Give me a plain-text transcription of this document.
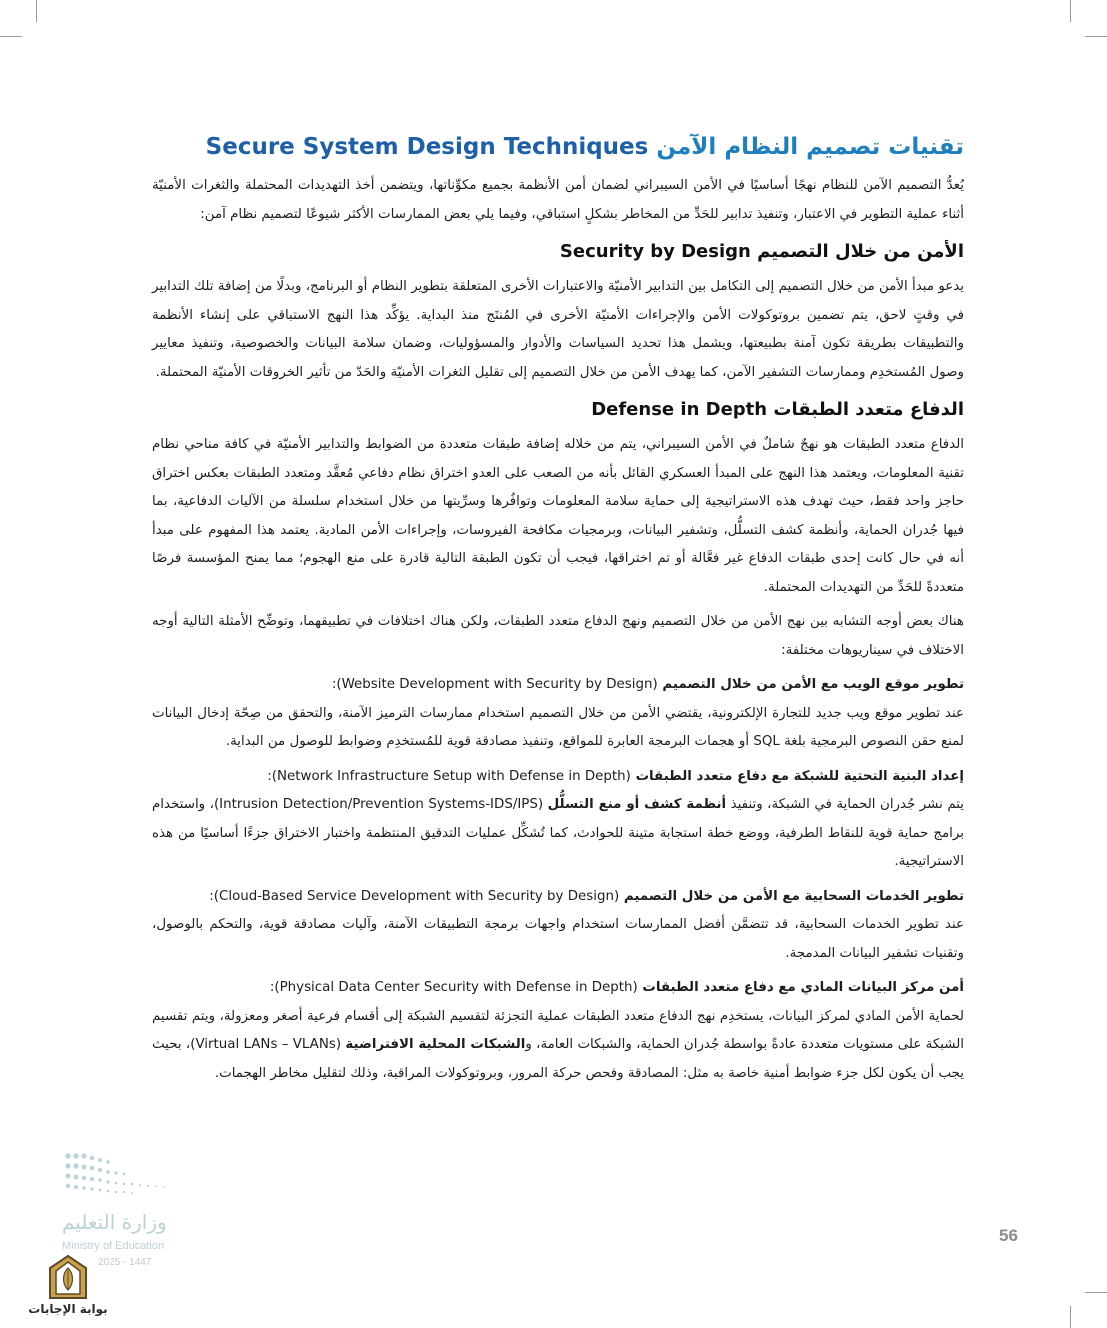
تقنيات تصميم النظام الآمن Secure System Design Techniques

يُعدُّ التصميم الآمن للنظام نهجًا أساسيًا في الأمن السيبراني لضمان أمن الأنظمة بجميع مكوِّناتها، ويتضمن أخذ التهديدات المحتملة والثغرات الأمنيّة أثناء عملية التطوير في الاعتبار، وتنفيذ تدابير للحَدِّ من المخاطر بشكلٍ استباقي، وفيما يلي بعض الممارسات الأكثر شيوعًا لتصميم نظام آمن:

الأمن من خلال التصميم Security by Design

يدعو مبدأ الأمن من خلال التصميم إلى التكامل بين التدابير الأمنيّة والاعتبارات الأخرى المتعلقة بتطوير النظام أو البرنامج، وبدلًا من إضافة تلك التدابير في وقتٍ لاحق، يتم تضمين بروتوكولات الأمن والإجراءات الأمنيّة الأخرى في المُنتَج منذ البداية. يؤكِّد هذا النهج الاستباقي على إنشاء الأنظمة والتطبيقات بطريقة تكون آمنة بطبيعتها، ويشمل هذا تحديد السياسات والأدوار والمسؤوليات، وضمان سلامة البيانات والخصوصية، وتنفيذ معايير وصول المُستخدِم وممارسات التشفير الآمن، كما يهدف الأمن من خلال التصميم إلى تقليل الثغرات الأمنيّة والحَدّ من تأثير الخروقات الأمنيّة المحتملة.

الدفاع متعدد الطبقات Defense in Depth

الدفاع متعدد الطبقات هو نهجٌ شاملٌ في الأمن السيبراني، يتم من خلاله إضافة طبقات متعددة من الضوابط والتدابير الأمنيّة في كافة مناحي نظام تقنية المعلومات، ويعتمد هذا النهج على المبدأ العسكري القائل بأنه من الصعب على العدو اختراق نظام دفاعي مُعقَّد ومتعدد الطبقات بعكس اختراق حاجز واحد فقط، حيث تهدف هذه الاستراتيجية إلى حماية سلامة المعلومات وتوافُرها وسرِّيتها من خلال استخدام سلسلة من الآليات الدفاعية، بما فيها جُدران الحماية، وأنظمة كشف التسلُّل، وتشفير البيانات، وبرمجيات مكافحة الفيروسات، وإجراءات الأمن المادية. يعتمد هذا المفهوم على مبدأ أنه في حال كانت إحدى طبقات الدفاع غير فعَّالة أو تم اختراقها، فيجب أن تكون الطبقة التالية قادرة على منع الهجوم؛ مما يمنح المؤسسة فرصًا متعددةً للحَدِّ من التهديدات المحتملة.

هناك بعض أوجه التشابه بين نهج الأمن من خلال التصميم ونهج الدفاع متعدد الطبقات، ولكن هناك اختلافات في تطبيقهما، وتوضِّح الأمثلة التالية أوجه الاختلاف في سيناريوهات مختلفة:

تطوير موقع الويب مع الأمن من خلال التصميم (Website Development with Security by Design):

عند تطوير موقع ويب جديد للتجارة الإلكترونية، يقتضي الأمن من خلال التصميم استخدام ممارسات الترميز الآمنة، والتحقق من صِحّة إدخال البيانات لمنع حقن النصوص البرمجية بلغة SQL أو هجمات البرمجة العابرة للمواقع، وتنفيذ مصادقة قوية للمُستخدِم وضوابط للوصول من البداية.

إعداد البنية التحتية للشبكة مع دفاع متعدد الطبقات (Network Infrastructure Setup with Defense in Depth):

يتم نشر جُدران الحماية في الشبكة، وتنفيذ أنظمة كشف أو منع التسلُّل (Intrusion Detection/Prevention Systems-IDS/IPS)، واستخدام برامج حماية قوية للنقاط الطرفية، ووضع خطة استجابة متينة للحوادث، كما تُشكِّل عمليات التدقيق المنتظمة واختبار الاختراق جزءًا أساسيًا من هذه الاستراتيجية.

تطوير الخدمات السحابية مع الأمن من خلال التصميم (Cloud-Based Service Development with Security by Design):

عند تطوير الخدمات السحابية، قد تتضمَّن أفضل الممارسات استخدام واجهات برمجة التطبيقات الآمنة، وآليات مصادقة قوية، والتحكم بالوصول، وتقنيات تشفير البيانات المدمجة.

أمن مركز البيانات المادي مع دفاع متعدد الطبقات (Physical Data Center Security with Defense in Depth):

لحماية الأمن المادي لمركز البيانات، يستخدِم نهج الدفاع متعدد الطبقات عملية التجزئة لتقسيم الشبكة إلى أقسام فرعية أصغر ومعزولة، ويتم تقسيم الشبكة على مستويات متعددة عادةً بواسطة جُدران الحماية، والشبكات العامة، والشبكات المحلية الافتراضية (Virtual LANs – VLANs)، بحيث يجب أن يكون لكل جزء ضوابط أمنية خاصة به مثل: المصادقة وفحص حركة المرور، وبروتوكولات المراقبة، وذلك لتقليل مخاطر الهجمات.

56
وزارة التعليم
Ministry of Education
2025 - 1447
بوابة الإجابات
